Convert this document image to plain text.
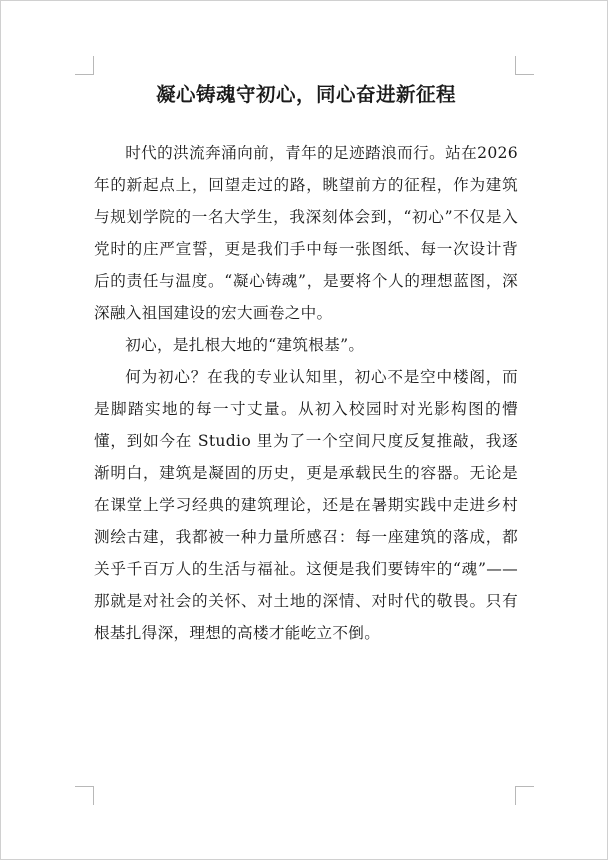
凝心铸魂守初心，同心奋进新征程

时代的洪流奔涌向前，青年的足迹踏浪而行。站在2026年的新起点上，回望走过的路，眺望前方的征程，作为建筑与规划学院的一名大学生，我深刻体会到，“初心”不仅是入党时的庄严宣誓，更是我们手中每一张图纸、每一次设计背后的责任与温度。“凝心铸魂”，是要将个人的理想蓝图，深深融入祖国建设的宏大画卷之中。

初心，是扎根大地的“建筑根基”。

何为初心？在我的专业认知里，初心不是空中楼阁，而是脚踏实地的每一寸丈量。从初入校园时对光影构图的懵懂，到如今在 Studio 里为了一个空间尺度反复推敲，我逐渐明白，建筑是凝固的历史，更是承载民生的容器。无论是在课堂上学习经典的建筑理论，还是在暑期实践中走进乡村测绘古建，我都被一种力量所感召：每一座建筑的落成，都关乎千百万人的生活与福祉。这便是我们要铸牢的“魂”——那就是对社会的关怀、对土地的深情、对时代的敬畏。只有根基扎得深，理想的高楼才能屹立不倒。
